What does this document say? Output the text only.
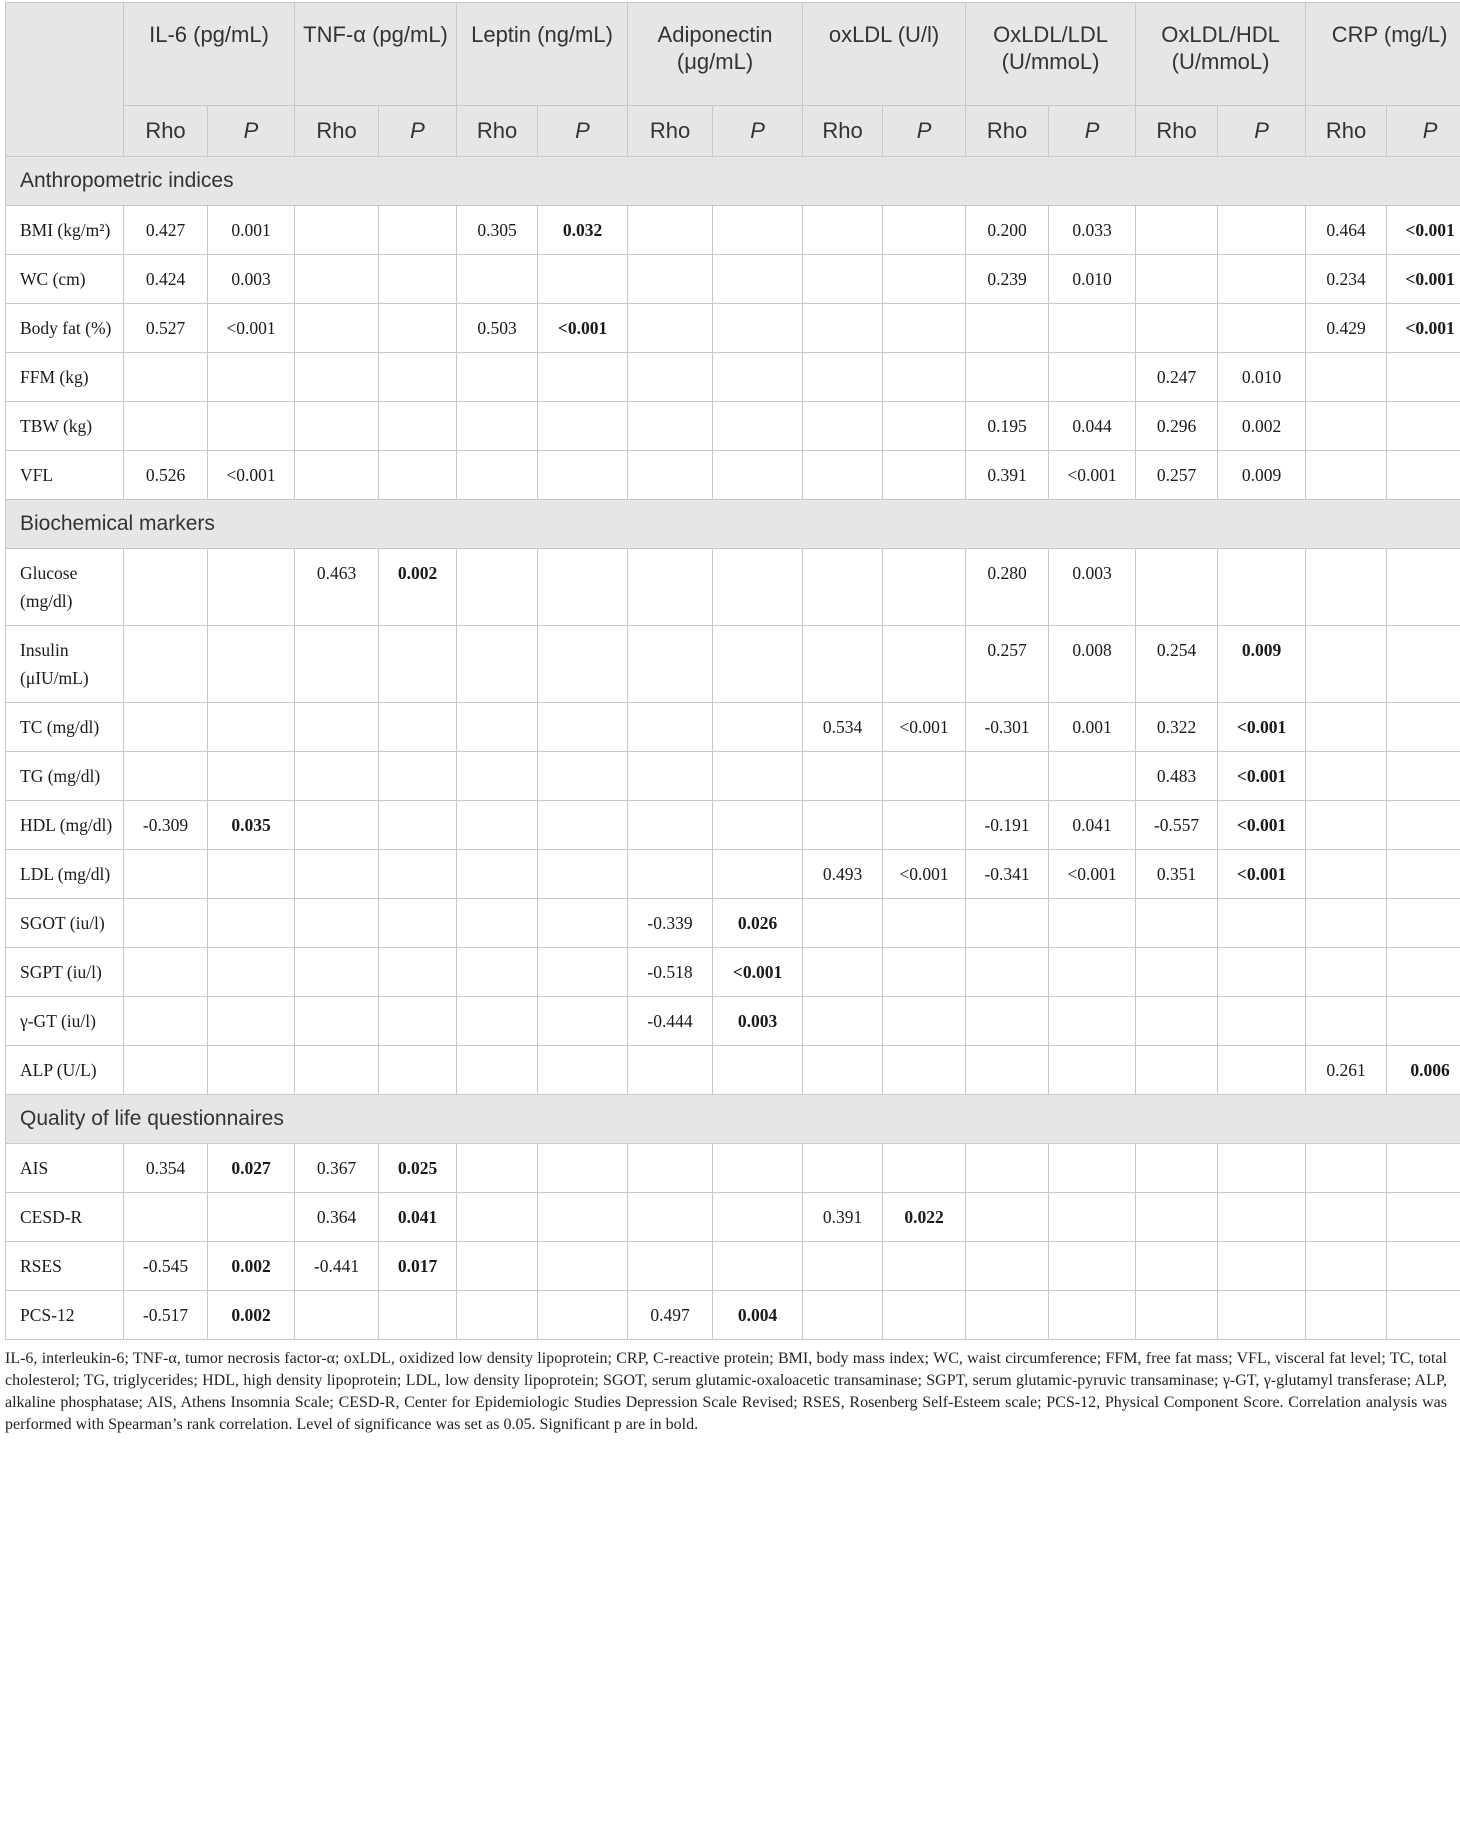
	IL-6 (pg/mL)		TNF-α (pg/mL)		Leptin (ng/mL)		Adiponectin (μg/mL)		oxLDL (U/l)		OxLDL/LDL (U/mmoL)		OxLDL/HDL (U/mmoL)		CRP (mg/L)	
	Rho	P	Rho	P	Rho	P	Rho	P	Rho	P	Rho	P	Rho	P	Rho	P
Anthropometric indices																
BMI (kg/m²)	0.427	0.001			0.305	0.032					0.200	0.033			0.464	<0.001
WC (cm)	0.424	0.003									0.239	0.010			0.234	<0.001
Body fat (%)	0.527	<0.001			0.503	<0.001									0.429	<0.001
FFM (kg)													0.247	0.010		
TBW (kg)											0.195	0.044	0.296	0.002		
VFL	0.526	<0.001									0.391	<0.001	0.257	0.009		
Biochemical markers																
Glucose (mg/dl)			0.463	0.002							0.280	0.003				
Insulin (μIU/mL)											0.257	0.008	0.254	0.009		
TC (mg/dl)									0.534	<0.001	-0.301	0.001	0.322	<0.001		
TG (mg/dl)													0.483	<0.001		
HDL (mg/dl)	-0.309	0.035									-0.191	0.041	-0.557	<0.001		
LDL (mg/dl)									0.493	<0.001	-0.341	<0.001	0.351	<0.001		
SGOT (iu/l)							-0.339	0.026								
SGPT (iu/l)							-0.518	<0.001								
γ-GT (iu/l)							-0.444	0.003								
ALP (U/L)															0.261	0.006
Quality of life questionnaires																
AIS	0.354	0.027	0.367	0.025												
CESD-R			0.364	0.041					0.391	0.022						
RSES	-0.545	0.002	-0.441	0.017												
PCS-12	-0.517	0.002					0.497	0.004								
IL-6, interleukin-6; TNF-α, tumor necrosis factor-α; oxLDL, oxidized low density lipoprotein; CRP, C-reactive protein; BMI, body mass index; WC, waist circumference; FFM, free fat mass; VFL, visceral fat level; TC, total cholesterol; TG, triglycerides; HDL, high density lipoprotein; LDL, low density lipoprotein; SGOT, serum glutamic-oxaloacetic transaminase; SGPT, serum glutamic-pyruvic transaminase; γ-GT, γ-glutamyl transferase; ALP, alkaline phosphatase; AIS, Athens Insomnia Scale; CESD-R, Center for Epidemiologic Studies Depression Scale Revised; RSES, Rosenberg Self-Esteem scale; PCS-12, Physical Component Score. Correlation analysis was performed with Spearman’s rank correlation. Level of significance was set as 0.05. Significant p are in bold.
